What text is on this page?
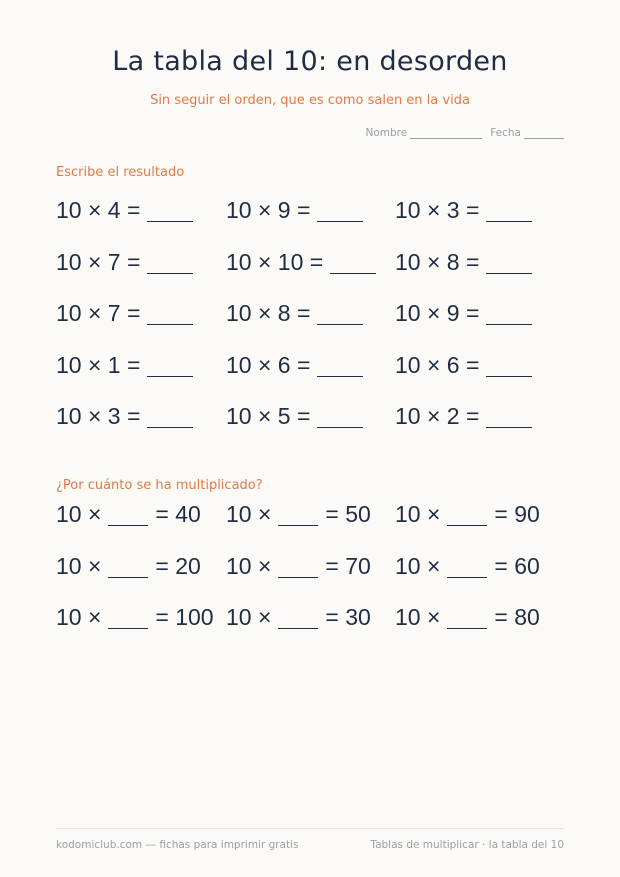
La tabla del 10: en desorden
Sin seguir el orden, que es como salen en la vida
Nombre	Fecha
Escribe el resultado
10 × 4 =	10 × 9 =	10 × 3 =
10 × 7 =	10 × 10 =	10 × 8 =
10 × 7 =	10 × 8 =	10 × 9 =
10 × 1 =	10 × 6 =	10 × 6 =
10 × 3 =	10 × 5 =	10 × 2 =
¿Por cuánto se ha multiplicado?
10 × = 40 10 × = 50 10 × = 90
10 × = 20 10 × = 70 10 × = 60
10 × = 100 10 × = 30 10 × = 80
kodomiclub.com — fichas para imprimir gratis	Tablas de multiplicar · la tabla del 10
